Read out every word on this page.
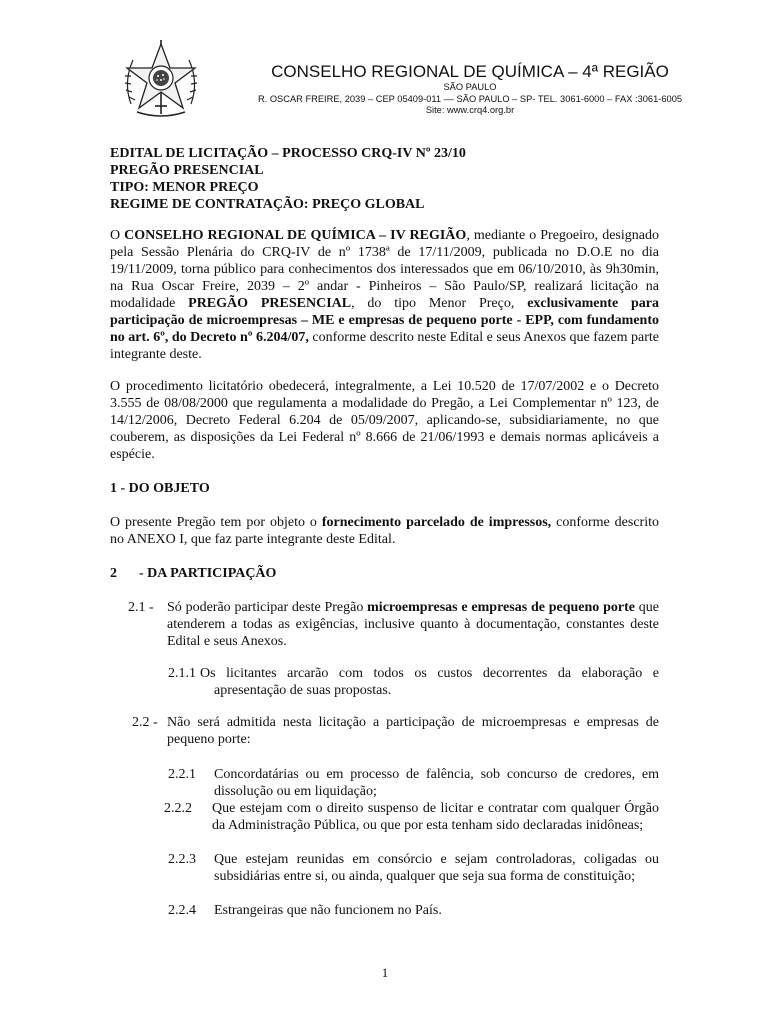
CONSELHO REGIONAL DE QUÍMICA – 4ª REGIÃO
SÃO PAULO
R. OSCAR FREIRE, 2039 – CEP 05409-011 –– SÃO PAULO – SP- TEL. 3061-6000 – FAX :3061-6005
Site: www.crq4.org.br
EDITAL DE LICITAÇÃO – PROCESSO CRQ-IV Nº 23/10
PREGÃO PRESENCIAL
TIPO: MENOR PREÇO
REGIME DE CONTRATAÇÃO: PREÇO GLOBAL
O CONSELHO REGIONAL DE QUÍMICA – IV REGIÃO, mediante o Pregoeiro, designado pela Sessão Plenária do CRQ-IV de nº 1738ª de 17/11/2009, publicada no D.O.E no dia 19/11/2009, torna público para conhecimentos dos interessados que em 06/10/2010, às 9h30min, na Rua Oscar Freire, 2039 – 2º andar - Pinheiros – São Paulo/SP, realizará licitação na modalidade PREGÃO PRESENCIAL, do tipo Menor Preço, exclusivamente para participação de microempresas – ME e empresas de pequeno porte - EPP, com fundamento no art. 6º, do Decreto nº 6.204/07, conforme descrito neste Edital e seus Anexos que fazem parte integrante deste.
O procedimento licitatório obedecerá, integralmente, a Lei 10.520 de 17/07/2002 e o Decreto 3.555 de 08/08/2000 que regulamenta a modalidade do Pregão, a Lei Complementar nº 123, de 14/12/2006, Decreto Federal 6.204 de 05/09/2007, aplicando-se, subsidiariamente, no que couberem, as disposições da Lei Federal nº 8.666 de 21/06/1993 e demais normas aplicáveis a espécie.
1 - DO OBJETO
O presente Pregão tem por objeto o fornecimento parcelado de impressos, conforme descrito no ANEXO I, que faz parte integrante deste Edital.
2 - DA PARTICIPAÇÃO
2.1 - Só poderão participar deste Pregão microempresas e empresas de pequeno porte que atenderem a todas as exigências, inclusive quanto à documentação, constantes deste Edital e seus Anexos.
2.1.1 Os licitantes arcarão com todos os custos decorrentes da elaboração e apresentação de suas propostas.
2.2 - Não será admitida nesta licitação a participação de microempresas e empresas de pequeno porte:
2.2.1 Concordatárias ou em processo de falência, sob concurso de credores, em dissolução ou em liquidação;
2.2.2 Que estejam com o direito suspenso de licitar e contratar com qualquer Órgão da Administração Pública, ou que por esta tenham sido declaradas inidôneas;
2.2.3 Que estejam reunidas em consórcio e sejam controladoras, coligadas ou subsidiárias entre si, ou ainda, qualquer que seja sua forma de constituição;
2.2.4 Estrangeiras que não funcionem no País.
1
